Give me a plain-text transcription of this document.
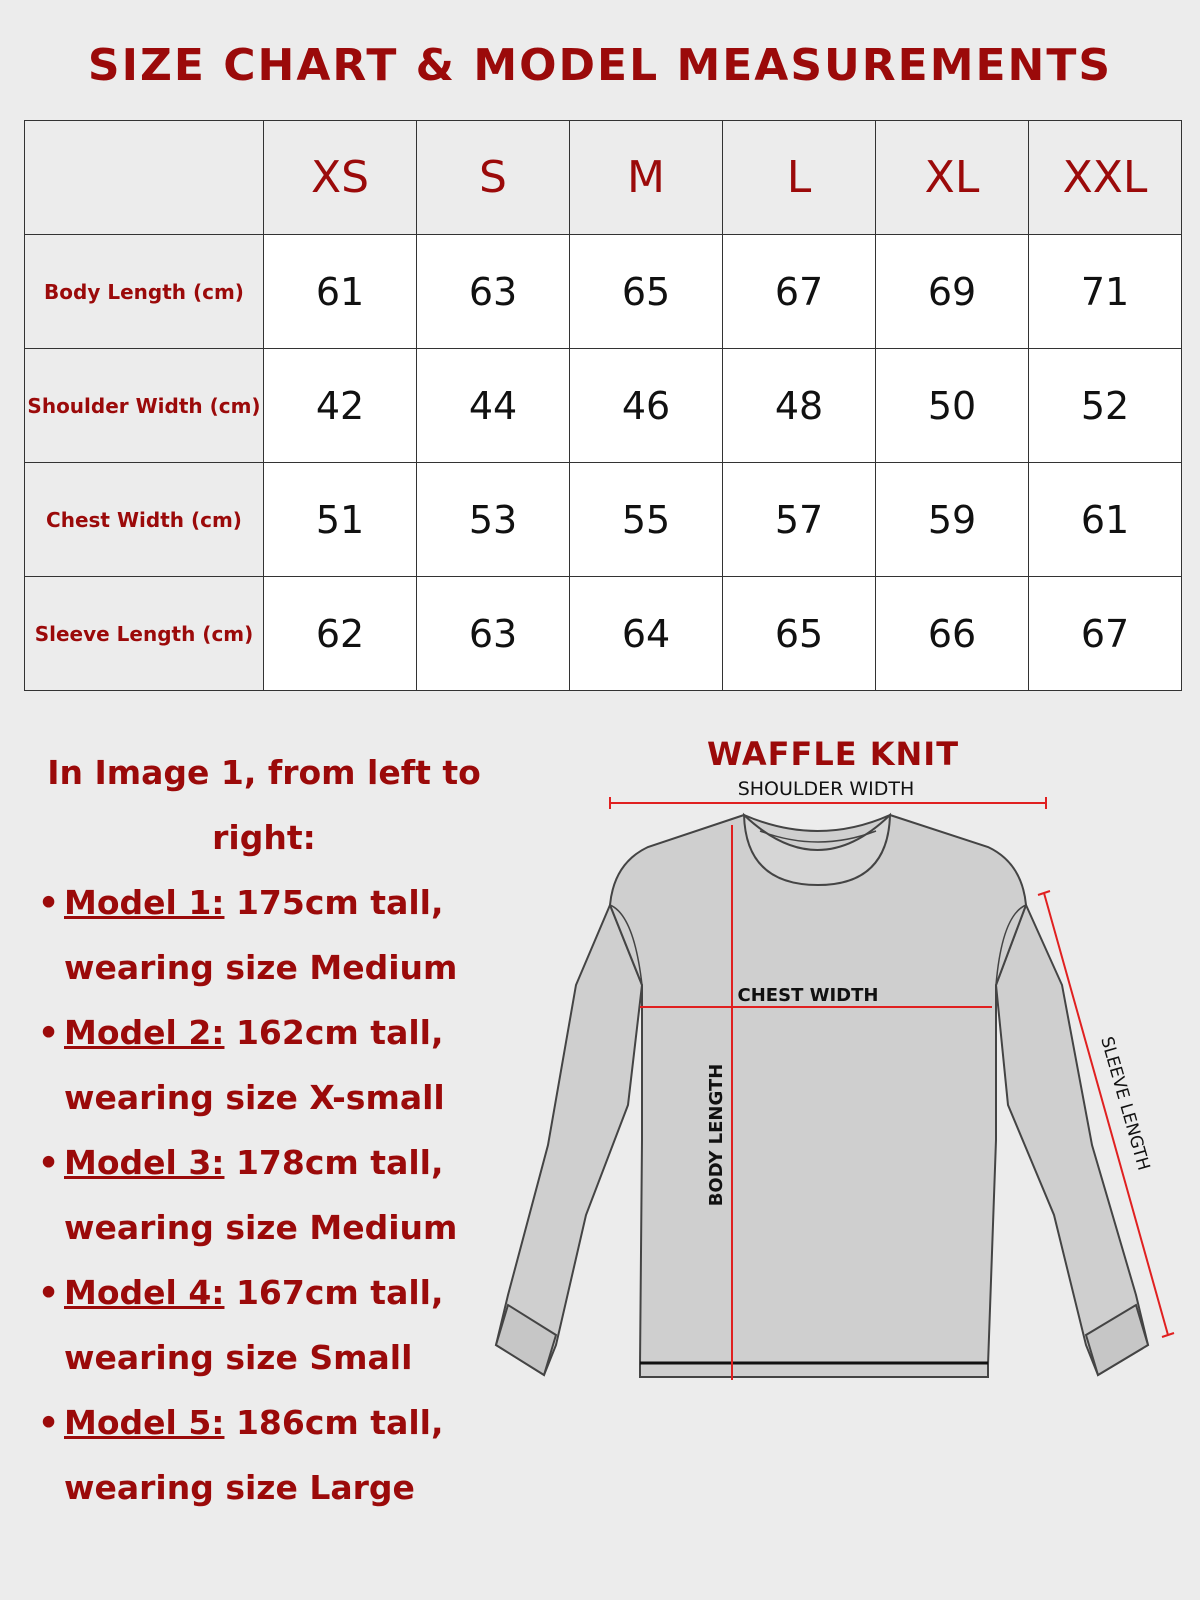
SIZE CHART & MODEL MEASUREMENTS
	XS	S	M	L	XL	XXL
Body Length (cm)	61	63	65	67	69	71
Shoulder Width (cm)	42	44	46	48	50	52
Chest Width (cm)	51	53	55	57	59	61
Sleeve Length (cm)	62	63	64	65	66	67
In Image 1, from left to right:
• Model 1: 175cm tall, wearing size Medium
• Model 2: 162cm tall, wearing size X-small
• Model 3: 178cm tall, wearing size Medium
• Model 4: 167cm tall, wearing size Small
• Model 5: 186cm tall, wearing size Large
WAFFLE KNIT
SHOULDER WIDTH
CHEST WIDTH
BODY LENGTH	SLEEVE LENGTH
